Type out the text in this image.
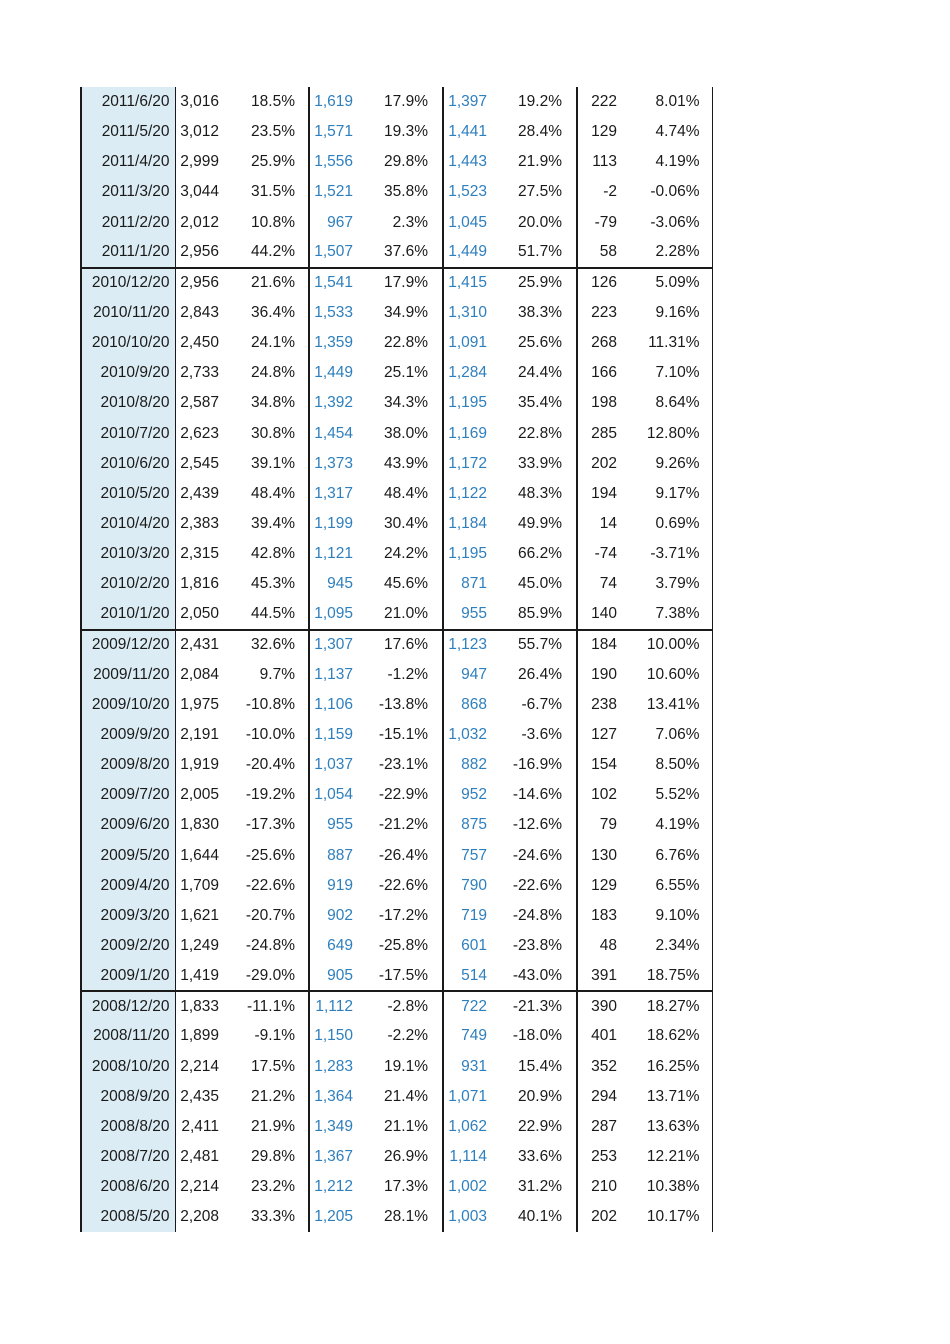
2011/6/20	3,016	18.5%	1,619	17.9%	1,397	19.2%	222	8.01%
2011/5/20	3,012	23.5%	1,571	19.3%	1,441	28.4%	129	4.74%
2011/4/20	2,999	25.9%	1,556	29.8%	1,443	21.9%	113	4.19%
2011/3/20	3,044	31.5%	1,521	35.8%	1,523	27.5%	-2	-0.06%
2011/2/20	2,012	10.8%	967	2.3%	1,045	20.0%	-79	-3.06%
2011/1/20	2,956	44.2%	1,507	37.6%	1,449	51.7%	58	2.28%
2010/12/20	2,956	21.6%	1,541	17.9%	1,415	25.9%	126	5.09%
2010/11/20	2,843	36.4%	1,533	34.9%	1,310	38.3%	223	9.16%
2010/10/20	2,450	24.1%	1,359	22.8%	1,091	25.6%	268	11.31%
2010/9/20	2,733	24.8%	1,449	25.1%	1,284	24.4%	166	7.10%
2010/8/20	2,587	34.8%	1,392	34.3%	1,195	35.4%	198	8.64%
2010/7/20	2,623	30.8%	1,454	38.0%	1,169	22.8%	285	12.80%
2010/6/20	2,545	39.1%	1,373	43.9%	1,172	33.9%	202	9.26%
2010/5/20	2,439	48.4%	1,317	48.4%	1,122	48.3%	194	9.17%
2010/4/20	2,383	39.4%	1,199	30.4%	1,184	49.9%	14	0.69%
2010/3/20	2,315	42.8%	1,121	24.2%	1,195	66.2%	-74	-3.71%
2010/2/20	1,816	45.3%	945	45.6%	871	45.0%	74	3.79%
2010/1/20	2,050	44.5%	1,095	21.0%	955	85.9%	140	7.38%
2009/12/20	2,431	32.6%	1,307	17.6%	1,123	55.7%	184	10.00%
2009/11/20	2,084	9.7%	1,137	-1.2%	947	26.4%	190	10.60%
2009/10/20	1,975	-10.8%	1,106	-13.8%	868	-6.7%	238	13.41%
2009/9/20	2,191	-10.0%	1,159	-15.1%	1,032	-3.6%	127	7.06%
2009/8/20	1,919	-20.4%	1,037	-23.1%	882	-16.9%	154	8.50%
2009/7/20	2,005	-19.2%	1,054	-22.9%	952	-14.6%	102	5.52%
2009/6/20	1,830	-17.3%	955	-21.2%	875	-12.6%	79	4.19%
2009/5/20	1,644	-25.6%	887	-26.4%	757	-24.6%	130	6.76%
2009/4/20	1,709	-22.6%	919	-22.6%	790	-22.6%	129	6.55%
2009/3/20	1,621	-20.7%	902	-17.2%	719	-24.8%	183	9.10%
2009/2/20	1,249	-24.8%	649	-25.8%	601	-23.8%	48	2.34%
2009/1/20	1,419	-29.0%	905	-17.5%	514	-43.0%	391	18.75%
2008/12/20	1,833	-11.1%	1,112	-2.8%	722	-21.3%	390	18.27%
2008/11/20	1,899	-9.1%	1,150	-2.2%	749	-18.0%	401	18.62%
2008/10/20	2,214	17.5%	1,283	19.1%	931	15.4%	352	16.25%
2008/9/20	2,435	21.2%	1,364	21.4%	1,071	20.9%	294	13.71%
2008/8/20	2,411	21.9%	1,349	21.1%	1,062	22.9%	287	13.63%
2008/7/20	2,481	29.8%	1,367	26.9%	1,114	33.6%	253	12.21%
2008/6/20	2,214	23.2%	1,212	17.3%	1,002	31.2%	210	10.38%
2008/5/20	2,208	33.3%	1,205	28.1%	1,003	40.1%	202	10.17%
